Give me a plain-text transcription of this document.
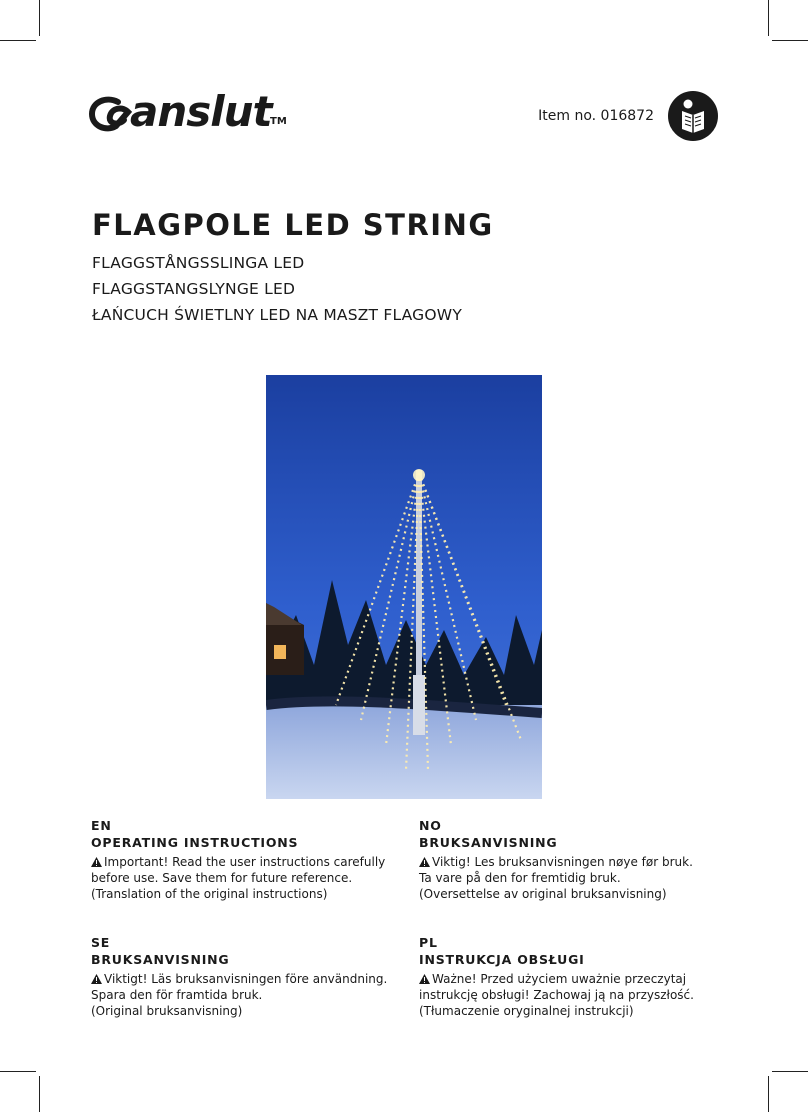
anslut
TM	Item no. 016872
FLAGPOLE LED STRING
FLAGGSTÅNGSSLINGA LED
FLAGGSTANGSLYNGE LED
ŁAŃCUCH ŚWIETLNY LED NA MASZT FLAGOWY
EN
OPERATING INSTRUCTIONS
Important! Read the user instructions carefully
before use. Save them for future reference.
(Translation of the original instructions)
NO
BRUKSANVISNING
Viktig! Les bruksanvisningen nøye før bruk.
Ta vare på den for fremtidig bruk.
(Oversettelse av original bruksanvisning)
SE
BRUKSANVISNING
Viktigt! Läs bruksanvisningen före användning.
Spara den för framtida bruk.
(Original bruksanvisning)
PL
INSTRUKCJA OBSŁUGI
Ważne! Przed użyciem uważnie przeczytaj
instrukcję obsługi! Zachowaj ją na przyszłość.
(Tłumaczenie oryginalnej instrukcji)
